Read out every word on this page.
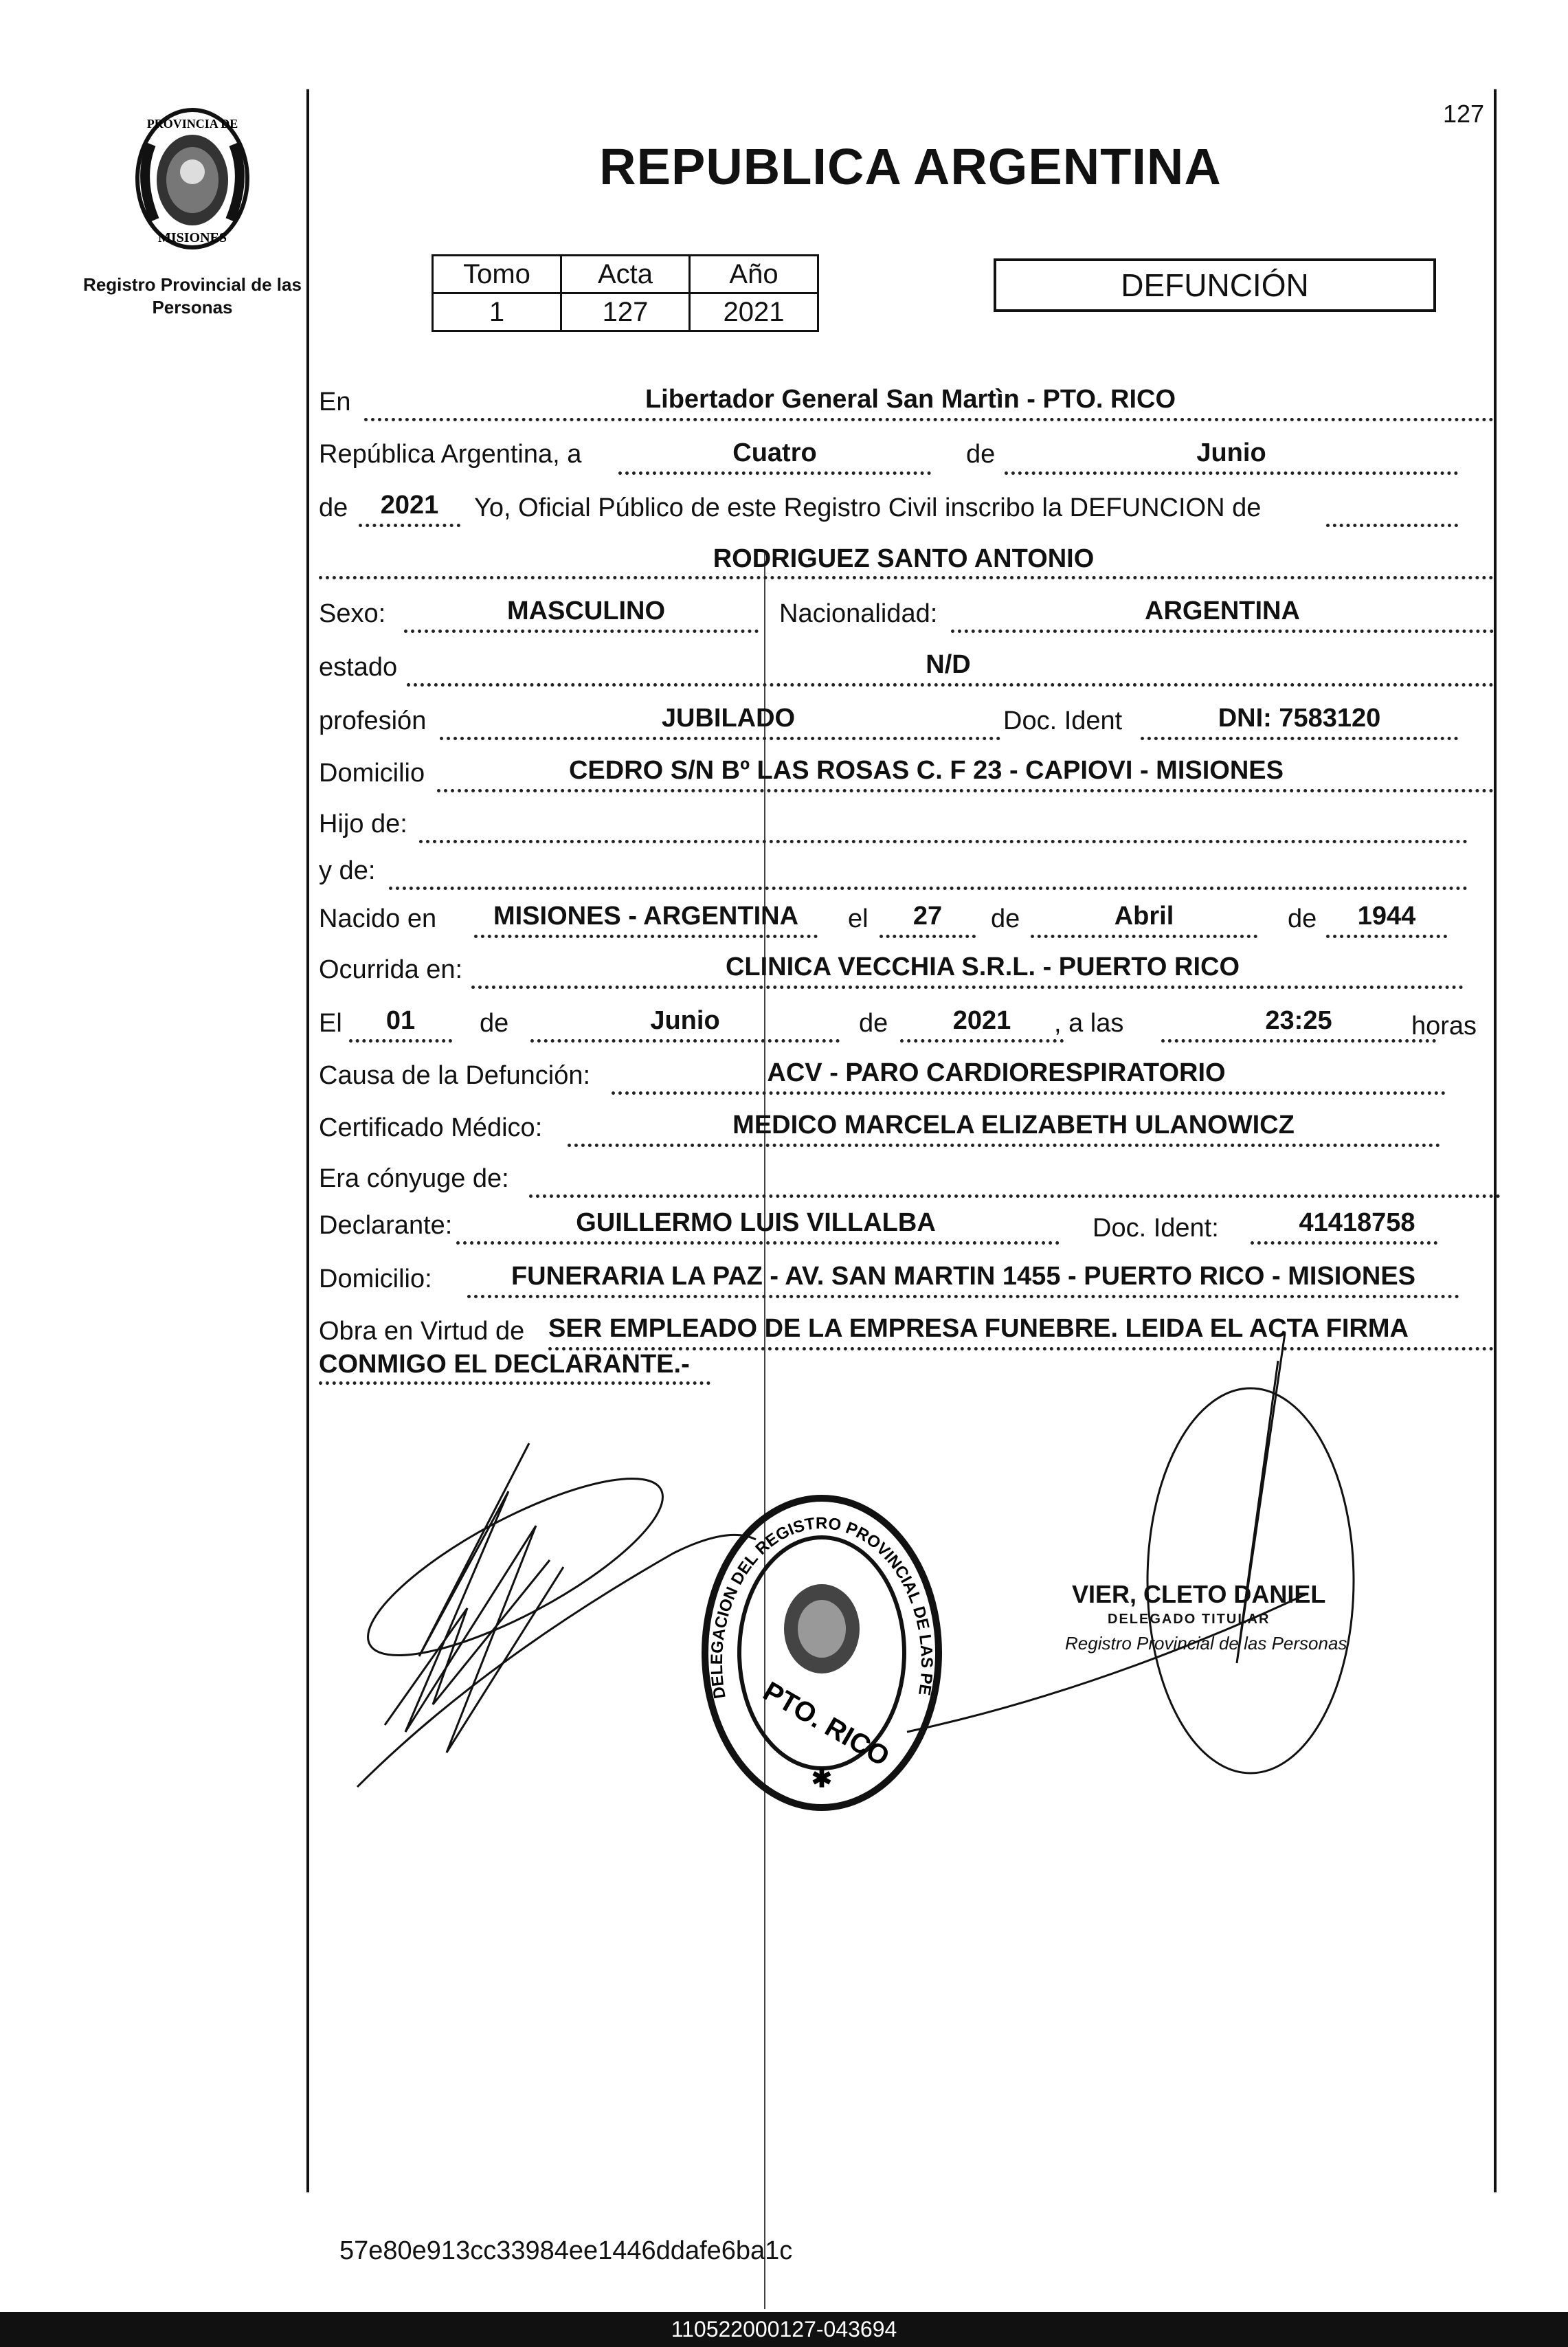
127
PROVINCIA DE
MISIONES
Registro Provincial de las Personas
REPUBLICA ARGENTINA
Tomo	Acta	Año
1	127	2021
DEFUNCIÓN
En	Libertador General San Martìn - PTO. RICO
República Argentina, a	Cuatro	de	Junio
de	2021	Yo, Oficial Público de este Registro Civil inscribo la DEFUNCION de
RODRIGUEZ SANTO ANTONIO
Sexo:	MASCULINO	Nacionalidad:	ARGENTINA
estado	N/D
profesión	JUBILADO	Doc. Ident	DNI: 7583120
Domicilio	CEDRO S/N Bº LAS ROSAS C. F 23 - CAPIOVI - MISIONES
Hijo de:
y de:
Nacido en	MISIONES - ARGENTINA	el	27	de	Abril	de	1944
Ocurrida en:	CLINICA VECCHIA S.R.L. - PUERTO RICO
El	01	de	Junio	de	2021	, a las	23:25	horas
Causa de la Defunción:	ACV - PARO CARDIORESPIRATORIO
Certificado Médico:	MEDICO MARCELA ELIZABETH ULANOWICZ
Era cónyuge de:
Declarante:	GUILLERMO LUIS VILLALBA	Doc. Ident:	41418758
Domicilio:	FUNERARIA LA PAZ - AV. SAN MARTIN 1455 - PUERTO RICO - MISIONES
Obra en Virtud de SER EMPLEADO DE LA EMPRESA FUNEBRE. LEIDA EL ACTA FIRMA
CONMIGO EL DECLARANTE.-
DELEGACION DEL REGISTRO PROVINCIAL DE LAS PE
PTO. RICO
✱
VIER, CLETO DANIEL
DELEGADO TITULAR
Registro Provincial de las Personas
57e80e913cc33984ee1446ddafe6ba1c
110522000127-043694
